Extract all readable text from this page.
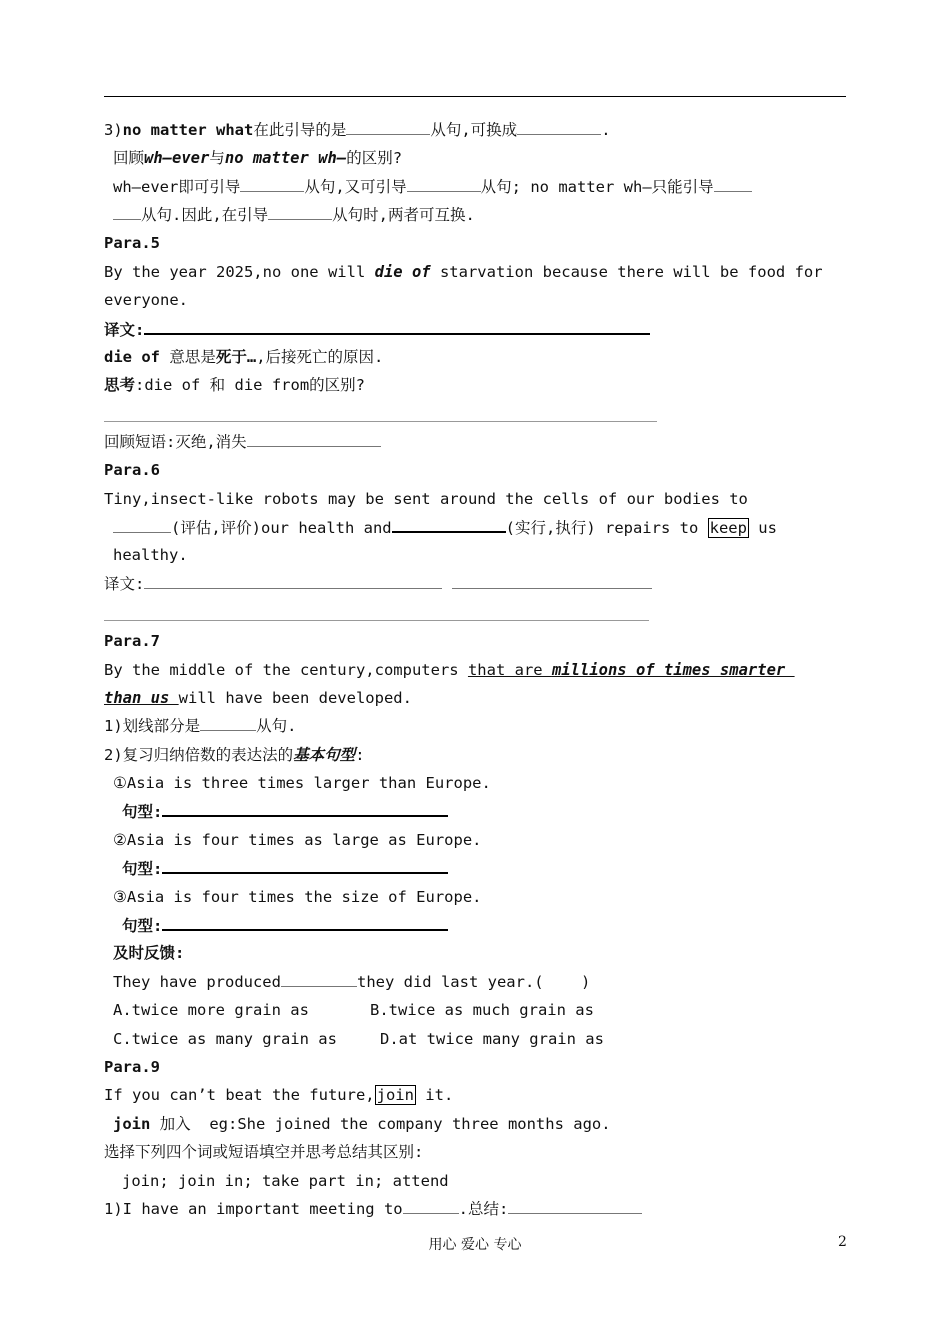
3)no matter what在此引导的是	从句,可换成	.
回顾wh—ever与no matter wh—的区别?
wh—ever即可引导	从句,又可引导	从句; no matter wh—只能引导
从句.因此,在引导	从句时,两者可互换.
Para.5
By the year 2025,no one will die of starvation because there will be food for
everyone.
译文:
die of 意思是死于…,后接死亡的原因.
思考:die of 和 die from的区别?
回顾短语:灭绝,消失
Para.6
Tiny,insect-like robots may be sent around the cells of our bodies to
(评估,评价)our health and	(实行,执行) repairs to keep us
healthy.
译文:
Para.7
By the middle of the century,computers that are millions of times smarter
than us will have been developed.
1)划线部分是	从句.
2)复习归纳倍数的表达法的基本句型:
①Asia is three times larger than Europe.
句型:
②Asia is four times as large as Europe.
句型:
③Asia is four times the size of Europe.
句型:
及时反馈:
They have produced	they did last year.(    )
A.twice more grain as	B.twice as much grain as
C.twice as many grain as	D.at twice many grain as
Para.9
If you can’t beat the future, join it.
join 加入  eg:She joined the company three months ago.
选择下列四个词或短语填空并思考总结其区别:
join; join in; take part in; attend
1)I have an important meeting to	.总结:
用心 爱心 专心	2
